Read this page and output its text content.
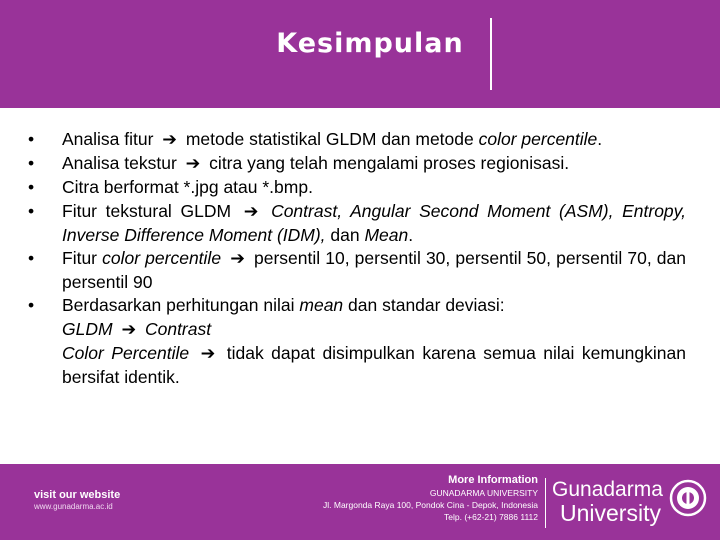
Kesimpulan
•	Analisa fitur ➔ metode statistikal GLDM dan metode color percentile.
•	Analisa tekstur ➔ citra yang telah mengalami proses regionisasi.
•	Citra berformat *.jpg atau *.bmp.
•	Fitur tekstural GLDM ➔ Contrast, Angular Second Moment (ASM), Entropy, Inverse Difference Moment (IDM), dan Mean.
•	Fitur color percentile ➔ persentil 10, persentil 30, persentil 50, persentil 70, dan persentil 90
•	Berdasarkan perhitungan nilai mean dan standar deviasi:
GLDM ➔ Contrast
Color Percentile ➔ tidak dapat disimpulkan karena semua nilai kemungkinan bersifat identik.
visit our website
www.gunadarma.ac.id
More Information
GUNADARMA UNIVERSITY
Jl. Margonda Raya 100, Pondok Cina - Depok, Indonesia
Telp. (+62-21) 7886 1112
Gunadarma
University
